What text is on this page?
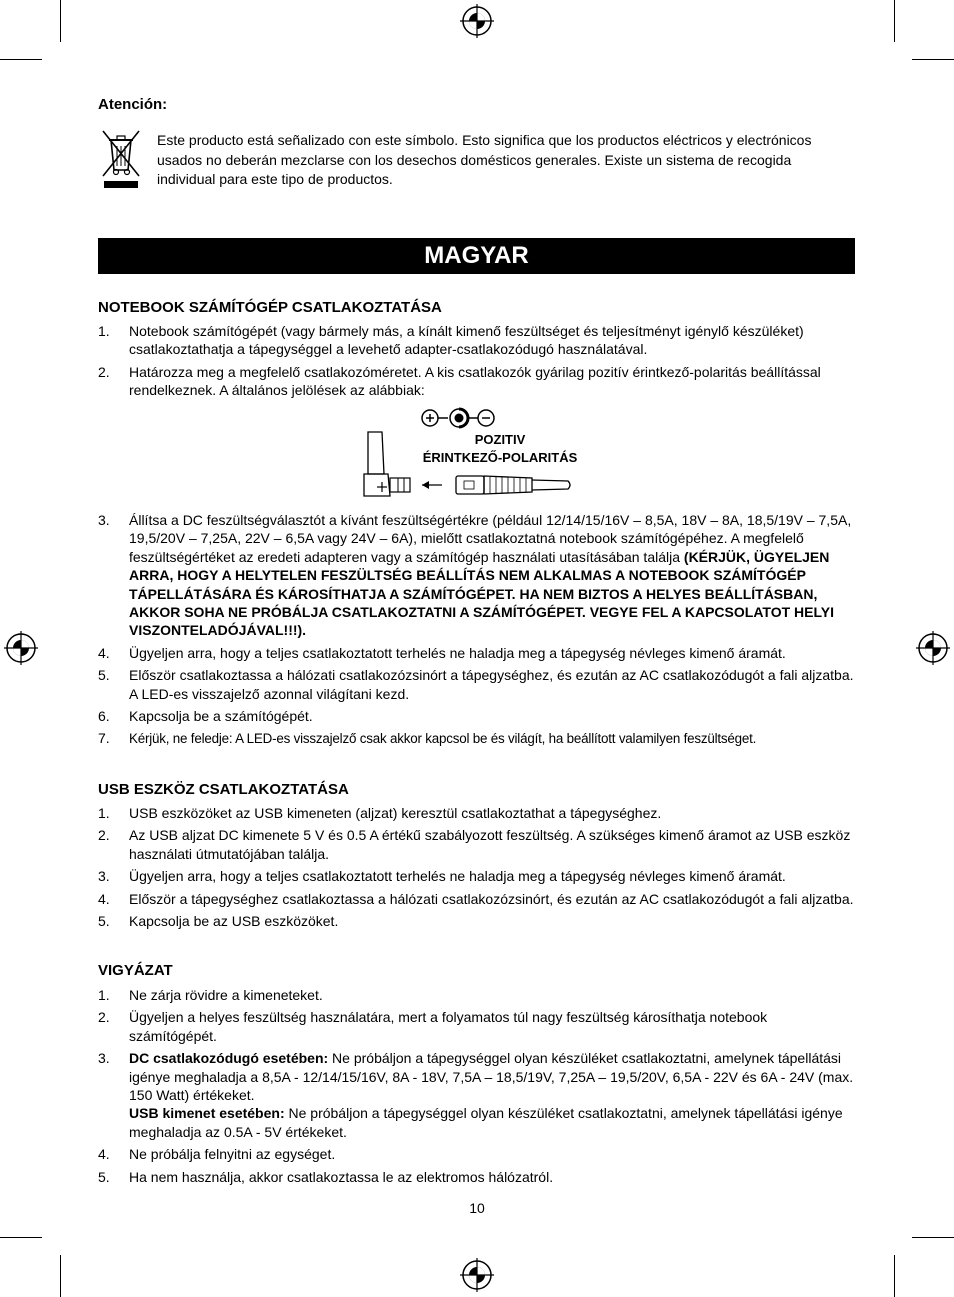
Atención:
Este producto está señalizado con este símbolo. Esto significa que los productos eléctricos y electrónicos usados no deberán mezclarse con los desechos domésticos generales. Existe un sistema de recogida individual para este tipo de productos.
MAGYAR
NOTEBOOK SZÁMÍTÓGÉP CSATLAKOZTATÁSA
1. Notebook számítógépét (vagy bármely más, a kínált kimenő feszültséget és teljesítményt igénylő készüléket) csatlakoztathatja a tápegységgel a levehető adapter-csatlakozódugó használatával.
2. Határozza meg a megfelelő csatlakozóméretet. A kis csatlakozók gyárilag pozitív érintkező-polaritás beállítással rendelkeznek. A általános jelölések az alábbiak:
POZITIV
ÉRINTKEZŐ-POLARITÁS
3. Állítsa a DC feszültségválasztót a kívánt feszültségértékre (például 12/14/15/16V – 8,5A, 18V – 8A, 18,5/19V – 7,5A, 19,5/20V – 7,25A, 22V – 6,5A vagy 24V – 6A), mielőtt csatlakoztatná notebook számítógépéhez. A megfelelő feszültségértéket az eredeti adapteren vagy a számítógép használati utasításában találja (KÉRJÜK, ÜGYELJEN ARRA, HOGY A HELYTELEN FESZÜLTSÉG BEÁLLÍTÁS NEM ALKALMAS A NOTEBOOK SZÁMÍTÓGÉP TÁPELLÁTÁSÁRA ÉS KÁROSÍTHATJA A SZÁMÍTÓGÉPET. HA NEM BIZTOS A HELYES BEÁLLÍTÁSBAN, AKKOR SOHA NE PRÓBÁLJA CSATLAKOZTATNI A SZÁMÍTÓGÉPET. VEGYE FEL A KAPCSOLATOT HELYI VISZONTELADÓJÁVAL!!!).
4. Ügyeljen arra, hogy a teljes csatlakoztatott terhelés ne haladja meg a tápegység névleges kimenő áramát.
5. Először csatlakoztassa a hálózati csatlakozózsinórt a tápegységhez, és ezután az AC csatlakozódugót a fali aljzatba. A LED-es visszajelző azonnal világítani kezd.
6. Kapcsolja be a számítógépét.
7. Kérjük, ne feledje: A LED-es visszajelző csak akkor kapcsol be és világít, ha beállított valamilyen feszültséget.
USB ESZKÖZ CSATLAKOZTATÁSA
1. USB eszközöket az USB kimeneten (aljzat) keresztül csatlakoztathat a tápegységhez.
2. Az USB aljzat DC kimenete 5 V és 0.5 A értékű szabályozott feszültség. A szükséges kimenő áramot az USB eszköz használati útmutatójában találja.
3. Ügyeljen arra, hogy a teljes csatlakoztatott terhelés ne haladja meg a tápegység névleges kimenő áramát.
4. Először a tápegységhez csatlakoztassa a hálózati csatlakozózsinórt, és ezután az AC csatlakozódugót a fali aljzatba.
5. Kapcsolja be az USB eszközöket.
VIGYÁZAT
1. Ne zárja rövidre a kimeneteket.
2. Ügyeljen a helyes feszültség használatára, mert a folyamatos túl nagy feszültség károsíthatja notebook számítógépét.
3. DC csatlakozódugó esetében: Ne próbáljon a tápegységgel olyan készüléket csatlakoztatni, amelynek tápellátási igénye meghaladja a 8,5A - 12/14/15/16V, 8A - 18V, 7,5A – 18,5/19V, 7,25A – 19,5/20V, 6,5A - 22V és 6A - 24V (max. 150 Watt) értékeket.
USB kimenet esetében: Ne próbáljon a tápegységgel olyan készüléket csatlakoztatni, amelynek tápellátási igénye meghaladja az 0.5A - 5V értékeket.
4. Ne próbálja felnyitni az egységet.
5. Ha nem használja, akkor csatlakoztassa le az elektromos hálózatról.
10
